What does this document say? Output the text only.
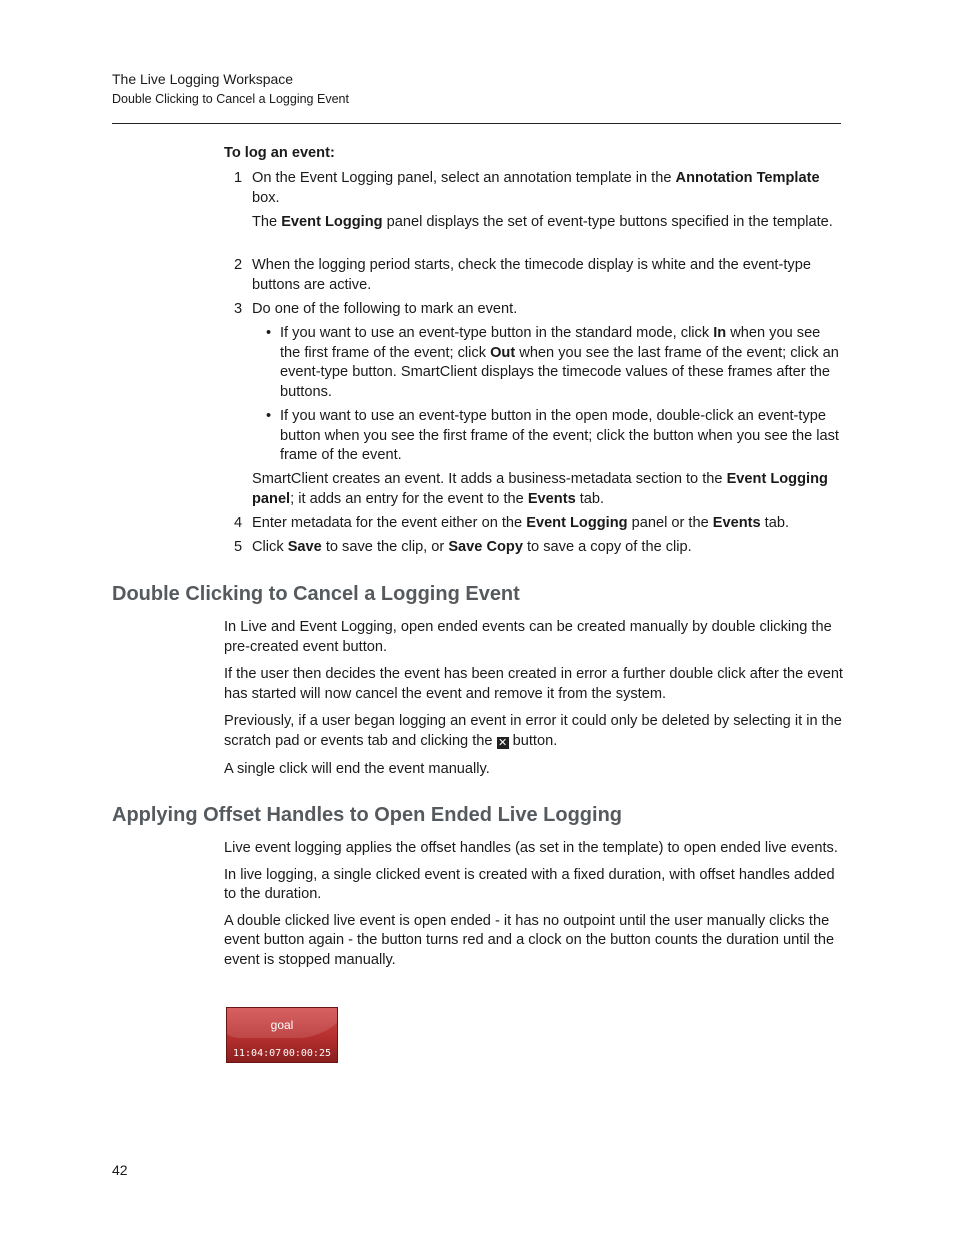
The Live Logging Workspace
Double Clicking to Cancel a Logging Event
To log an event:
1 On the Event Logging panel, select an annotation template in the Annotation Template box.

The Event Logging panel displays the set of event-type buttons specified in the template.

2 When the logging period starts, check the timecode display is white and the event-type buttons are active.

3 Do one of the following to mark an event.

• If you want to use an event-type button in the standard mode, click In when you see the first frame of the event; click Out when you see the last frame of the event; click an event-type button. SmartClient displays the timecode values of these frames after the buttons.

• If you want to use an event-type button in the open mode, double-click an event-type button when you see the first frame of the event; click the button when you see the last frame of the event.

SmartClient creates an event. It adds a business-metadata section to the Event Logging panel; it adds an entry for the event to the Events tab.

4 Enter metadata for the event either on the Event Logging panel or the Events tab.

5 Click Save to save the clip, or Save Copy to save a copy of the clip.

Double Clicking to Cancel a Logging Event

In Live and Event Logging, open ended events can be created manually by double clicking the pre-created event button.

If the user then decides the event has been created in error a further double click after the event has started will now cancel the event and remove it from the system.

Previously, if a user began logging an event in error it could only be deleted by selecting it in the scratch pad or events tab and clicking the ✕ button.

A single click will end the event manually.

Applying Offset Handles to Open Ended Live Logging

Live event logging applies the offset handles (as set in the template) to open ended live events.

In live logging, a single clicked event is created with a fixed duration, with offset handles added to the duration.

A double clicked live event is open ended - it has no outpoint until the user manually clicks the event button again - the button turns red and a clock on the button counts the duration until the event is stopped manually.

goal
11:04:07 00:00:25
42
